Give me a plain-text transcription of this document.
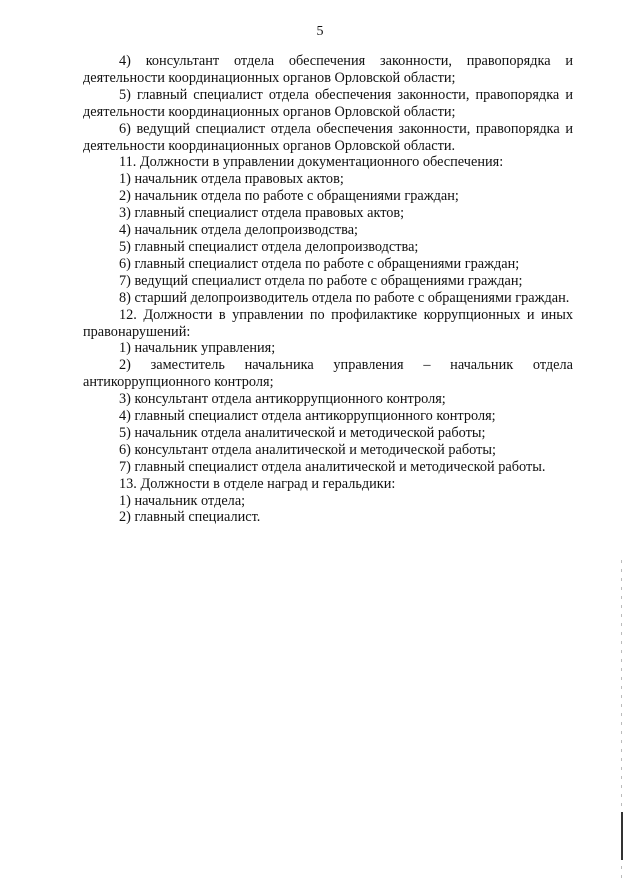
5

4) консультант отдела обеспечения законности, правопорядка и деятельности координационных органов Орловской области;

5) главный специалист отдела обеспечения законности, правопорядка и деятельности координационных органов Орловской области;

6) ведущий специалист отдела обеспечения законности, правопорядка и деятельности координационных органов Орловской области.

11. Должности в управлении документационного обеспечения:

1) начальник отдела правовых актов;

2) начальник отдела по работе с обращениями граждан;

3) главный специалист отдела правовых актов;

4) начальник отдела делопроизводства;

5) главный специалист отдела делопроизводства;

6) главный специалист отдела по работе с обращениями граждан;

7) ведущий специалист отдела по работе с обращениями граждан;

8) старший делопроизводитель отдела по работе с обращениями граждан.

12. Должности в управлении по профилактике коррупционных и иных правонарушений:

1) начальник управления;

2) заместитель начальника управления – начальник отдела антикоррупционного контроля;

3) консультант отдела антикоррупционного контроля;

4) главный специалист отдела антикоррупционного контроля;

5) начальник отдела аналитической и методической работы;

6) консультант отдела аналитической и методической работы;

7) главный специалист отдела аналитической и методической работы.

13. Должности в отделе наград и геральдики:

1) начальник отдела;

2) главный специалист.
